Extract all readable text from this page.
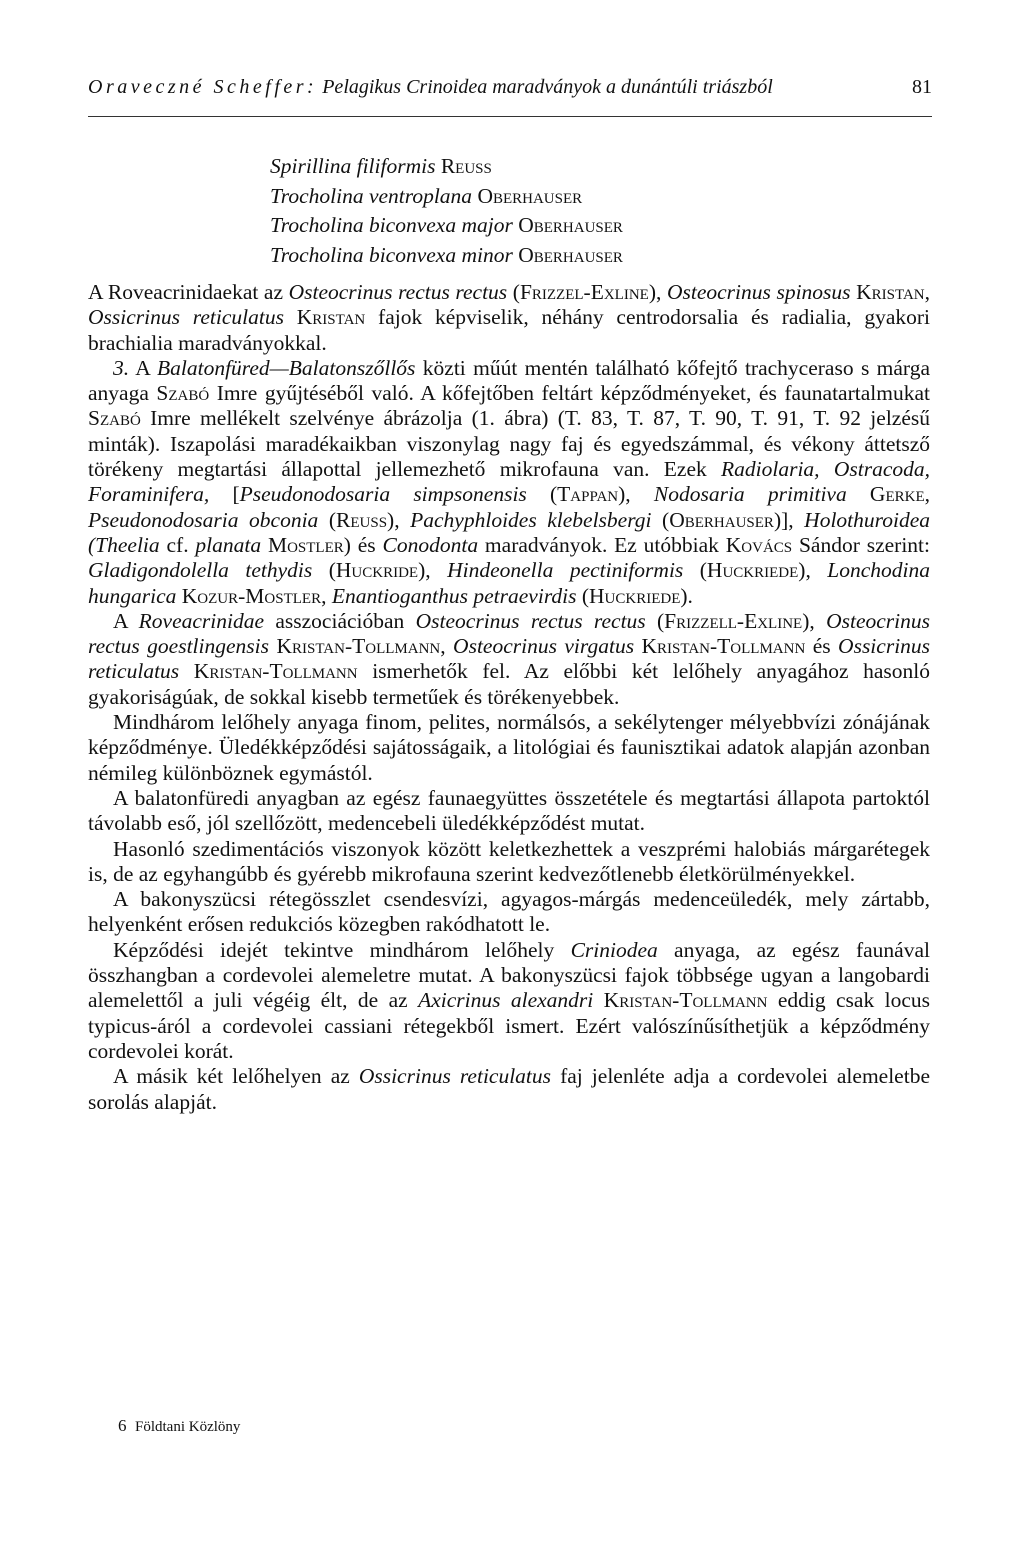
Oraveczné Scheffer: Pelagikus Crinoidea maradványok a dunántúli triászból	81
Spirillina filiformis Reuss
Trocholina ventroplana Oberhauser
Trocholina biconvexa major Oberhauser
Trocholina biconvexa minor Oberhauser

A Roveacrinidaekat az Osteocrinus rectus rectus (Frizzel-Exline), Osteocrinus spinosus Kristan, Ossicrinus reticulatus Kristan fajok képviselik, néhány centrodorsalia és radialia, gyakori brachialia maradványokkal.

3. A Balatonfüred—Balatonszőllős közti műút mentén található kőfejtő trachyceraso s márga anyaga Szabó Imre gyűjtéséből való. A kőfejtőben feltárt képződményeket, és faunatartalmukat Szabó Imre mellékelt szelvénye ábrázolja (1. ábra) (T. 83, T. 87, T. 90, T. 91, T. 92 jelzésű minták). Iszapolási maradékaikban viszonylag nagy faj és egyedszámmal, és vékony áttetsző törékeny megtartási állapottal jellemezhető mikrofauna van. Ezek Radiolaria, Ostracoda, Foraminifera, [Pseudonodosaria simpsonensis (Tappan), Nodosaria primitiva Gerke, Pseudonodosaria obconia (Reuss), Pachyphloides klebelsbergi (Oberhauser)], Holothuroidea (Theelia cf. planata Mostler) és Conodonta maradványok. Ez utóbbiak Kovács Sándor szerint: Gladigondolella tethydis (Huckride), Hindeonella pectiniformis (Huckriede), Lonchodina hungarica Kozur-Mostler, Enantioganthus petraevirdis (Huckriede).

A Roveacrinidae asszociációban Osteocrinus rectus rectus (Frizzell-Exline), Osteocrinus rectus goestlingensis Kristan-Tollmann, Osteocrinus virgatus Kristan-Tollmann és Ossicrinus reticulatus Kristan-Tollmann ismerhetők fel. Az előbbi két lelőhely anyagához hasonló gyakoriságúak, de sokkal kisebb termetűek és törékenyebbek.

Mindhárom lelőhely anyaga finom, pelites, normálsós, a sekélytenger mélyebbvízi zónájának képződménye. Üledékképződési sajátosságaik, a litológiai és faunisztikai adatok alapján azonban némileg különböznek egymástól.

A balatonfüredi anyagban az egész faunaegyüttes összetétele és megtartási állapota partoktól távolabb eső, jól szellőzött, medencebeli üledékképződést mutat.

Hasonló szedimentációs viszonyok között keletkezhettek a veszprémi halobiás márgarétegek is, de az egyhangúbb és gyérebb mikrofauna szerint kedvezőtlenebb életkörülményekkel.

A bakonyszücsi rétegösszlet csendesvízi, agyagos-márgás medenceüledék, mely zártabb, helyenként erősen redukciós közegben rakódhatott le.

Képződési idejét tekintve mindhárom lelőhely Criniodea anyaga, az egész faunával összhangban a cordevolei alemeletre mutat. A bakonyszücsi fajok többsége ugyan a langobardi alemelettől a juli végéig élt, de az Axicrinus alexandri Kristan-Tollmann eddig csak locus typicus-áról a cordevolei cassiani rétegekből ismert. Ezért valószínűsíthetjük a képződmény cordevolei korát.

A másik két lelőhelyen az Ossicrinus reticulatus faj jelenléte adja a cordevolei alemeletbe sorolás alapját.

6 Földtani Közlöny
